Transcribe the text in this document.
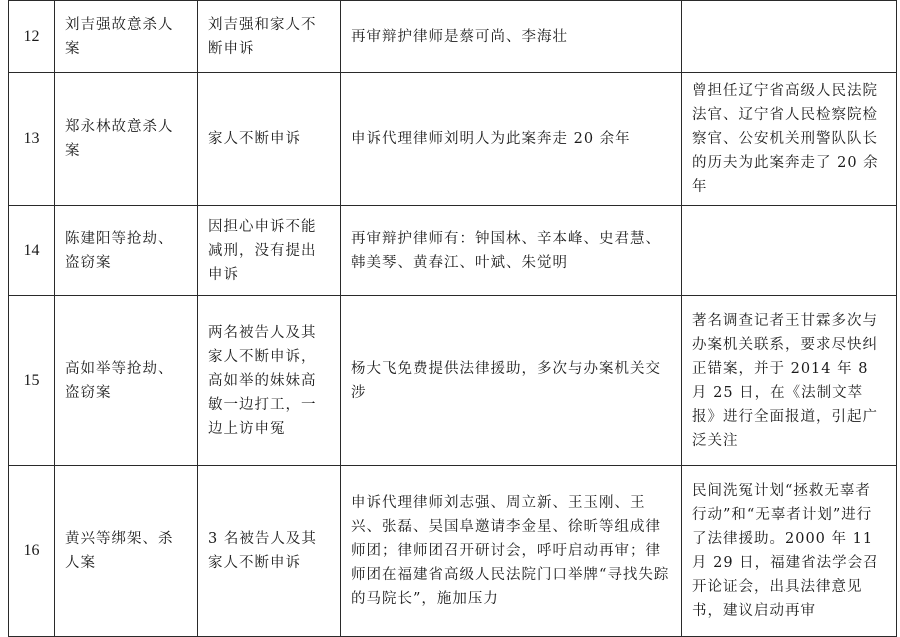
12	刘吉强故意杀人案	刘吉强和家人不断申诉	再审辩护律师是蔡可尚、李海壮	
13	郑永林故意杀人案	家人不断申诉	申诉代理律师刘明人为此案奔走 20 余年	曾担任辽宁省高级人民法院法官、辽宁省人民检察院检察官、公安机关刑警队队长的历夫为此案奔走了 20 余年
14	陈建阳等抢劫、盗窃案	因担心申诉不能减刑，没有提出申诉	再审辩护律师有：钟国林、辛本峰、史君慧、韩美琴、黄春江、叶斌、朱觉明	
15	高如举等抢劫、盗窃案	两名被告人及其家人不断申诉，高如举的妹妹高敏一边打工，一边上访申冤	杨大飞免费提供法律援助，多次与办案机关交涉	著名调查记者王甘霖多次与办案机关联系，要求尽快纠正错案，并于 2014 年 8 月 25 日，在《法制文萃报》进行全面报道，引起广泛关注
16	黄兴等绑架、杀人案	3 名被告人及其家人不断申诉	申诉代理律师刘志强、周立新、王玉刚、王兴、张磊、吴国阜邀请李金星、徐昕等组成律师团；律师团召开研讨会，呼吁启动再审；律师团在福建省高级人民法院门口举牌“寻找失踪的马院长”，施加压力	民间洗冤计划“拯救无辜者行动”和“无辜者计划”进行了法律援助。2000 年 11 月 29 日，福建省法学会召开论证会，出具法律意见书，建议启动再审
